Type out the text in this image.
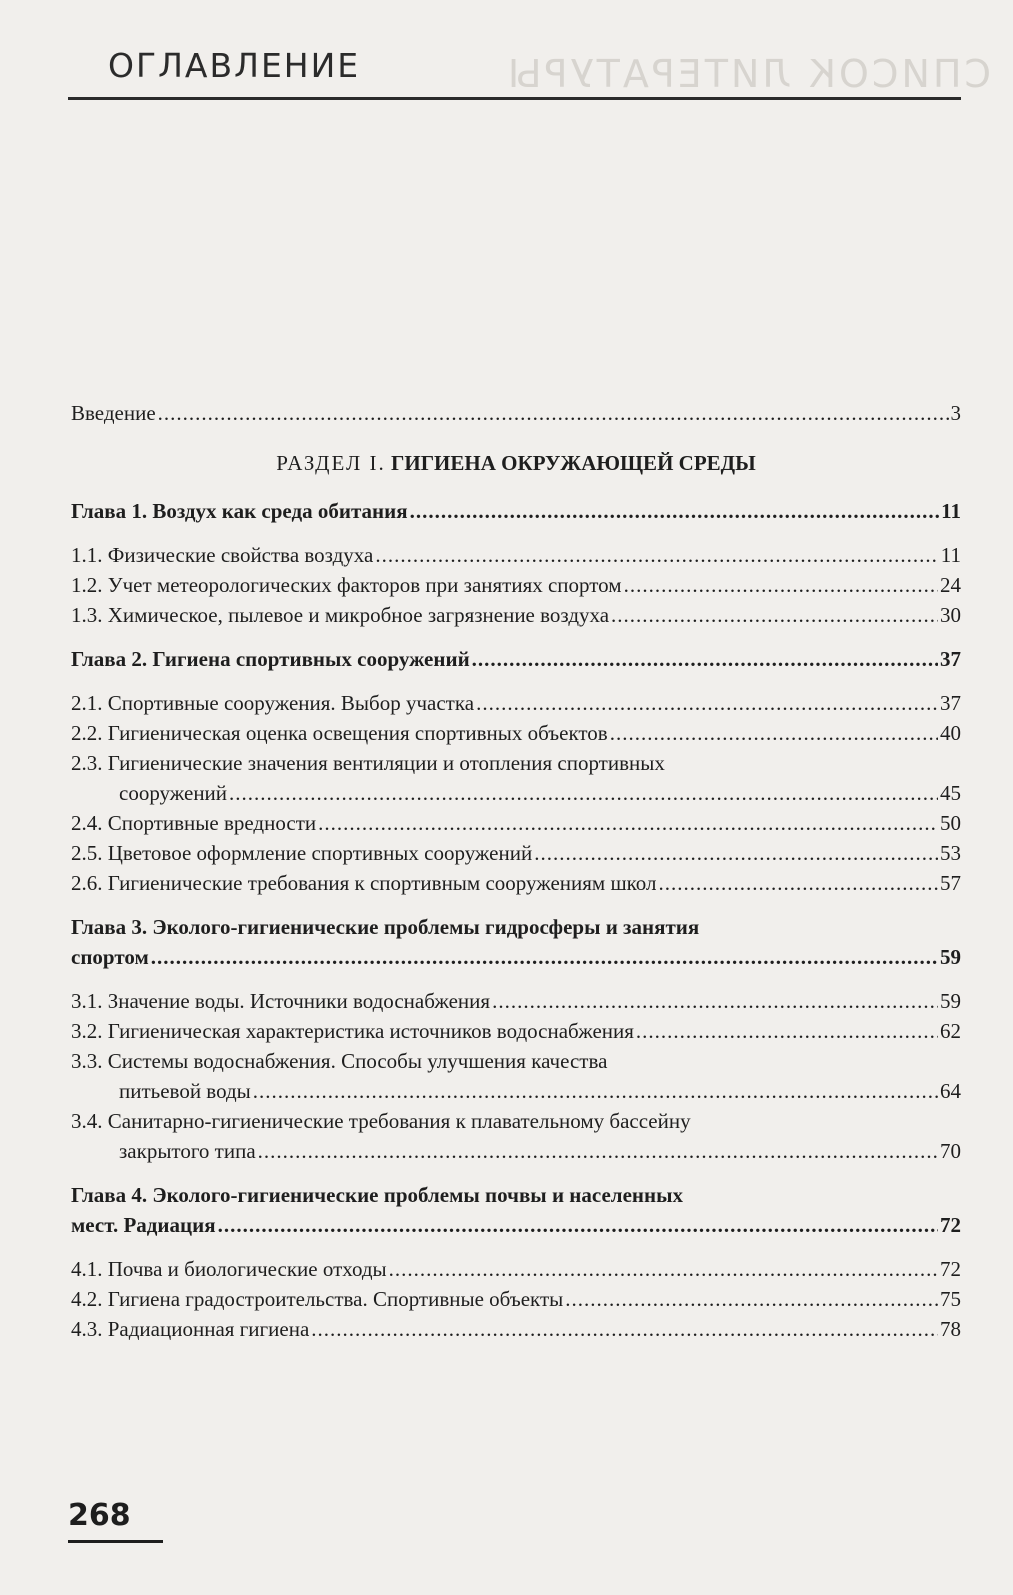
СПИСОК ЛИТЕРАТУРЫ
ОГЛАВЛЕНИЕ
Введение .....	3
РАЗДЕЛ I. ГИГИЕНА ОКРУЖАЮЩЕЙ СРЕДЫ
Глава 1. Воздух как среда обитания .....	11
1.1. Физические свойства воздуха .....	11
1.2. Учет метеорологических факторов при занятиях спортом .....	24
1.3. Химическое, пылевое и микробное загрязнение воздуха .....	30
Глава 2. Гигиена спортивных сооружений .....	37
2.1. Спортивные сооружения. Выбор участка .....	37
2.2. Гигиеническая оценка освещения спортивных объектов .....	40
2.3. Гигиенические значения вентиляции и отопления спортивных
сооружений .....	45
2.4. Спортивные вредности .....	50
2.5. Цветовое оформление спортивных сооружений .....	53
2.6. Гигиенические требования к спортивным сооружениям школ .....	57
Глава 3. Эколого-гигиенические проблемы гидросферы и занятия
спортом .....	59
3.1. Значение воды. Источники водоснабжения .....	59
3.2. Гигиеническая характеристика источников водоснабжения .....	62
3.3. Системы водоснабжения. Способы улучшения качества
питьевой воды .....	64
3.4. Санитарно-гигиенические требования к плавательному бассейну
закрытого типа .....	70
Глава 4. Эколого-гигиенические проблемы почвы и населенных
мест. Радиация .....	72
4.1. Почва и биологические отходы .....	72
4.2. Гигиена градостроительства. Спортивные объекты .....	75
4.3. Радиационная гигиена .....	78
268
